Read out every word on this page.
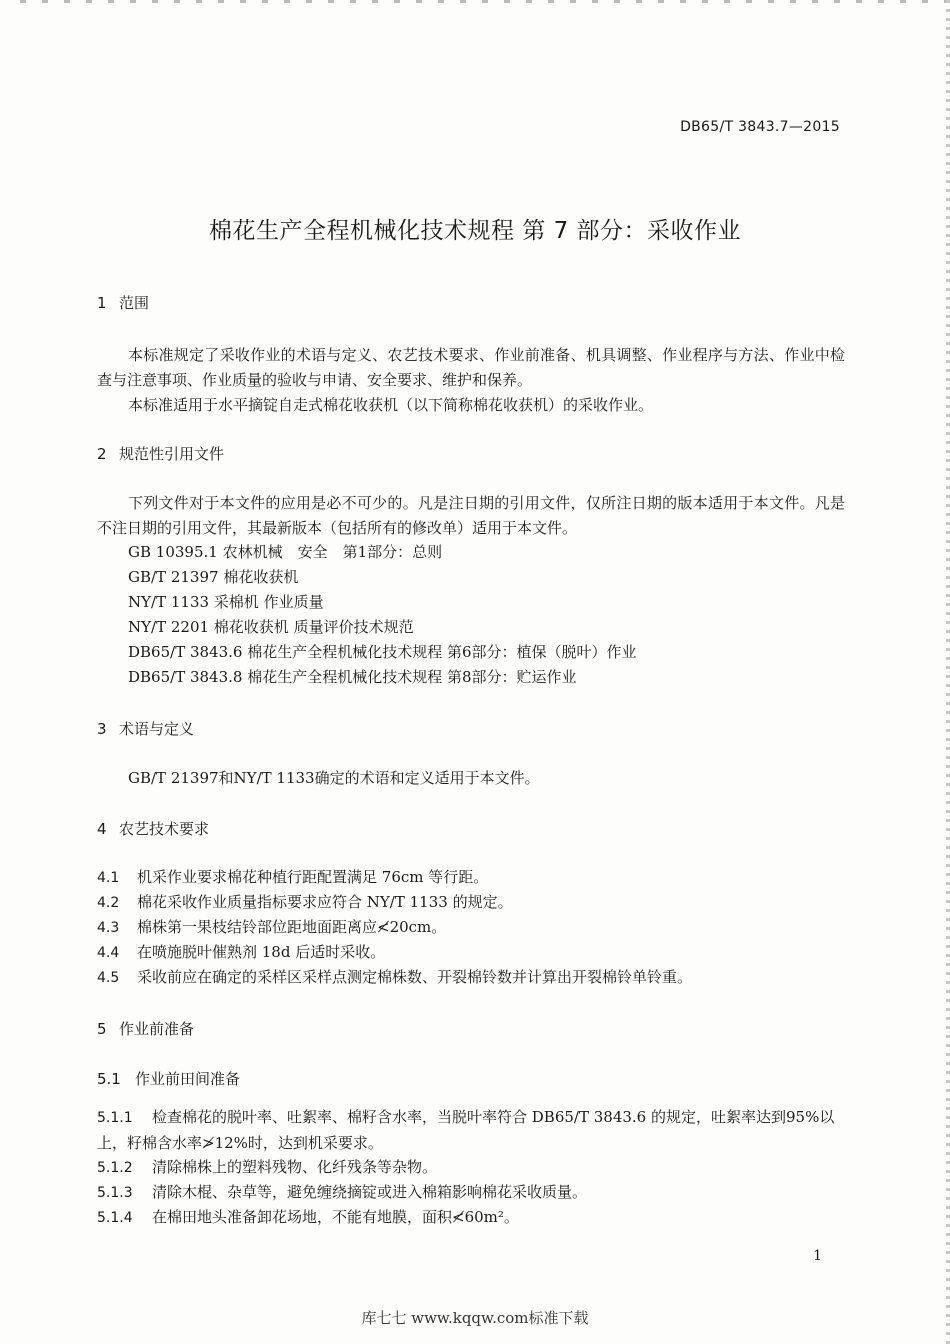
DB65/T 3843.7—2015
棉花生产全程机械化技术规程 第 7 部分：采收作业
1 范围
本标准规定了采收作业的术语与定义、农艺技术要求、作业前准备、机具调整、作业程序与方法、作业中检查与注意事项、作业质量的验收与申请、安全要求、维护和保养。
本标准适用于水平摘锭自走式棉花收获机（以下简称棉花收获机）的采收作业。
2 规范性引用文件
下列文件对于本文件的应用是必不可少的。凡是注日期的引用文件，仅所注日期的版本适用于本文件。凡是不注日期的引用文件，其最新版本（包括所有的修改单）适用于本文件。
GB 10395.1 农林机械　安全　第1部分：总则
GB/T 21397 棉花收获机
NY/T 1133 采棉机 作业质量
NY/T 2201 棉花收获机 质量评价技术规范
DB65/T 3843.6 棉花生产全程机械化技术规程 第6部分：植保（脱叶）作业
DB65/T 3843.8 棉花生产全程机械化技术规程 第8部分：贮运作业
3 术语与定义
GB/T 21397和NY/T 1133确定的术语和定义适用于本文件。
4 农艺技术要求
4.1 机采作业要求棉花种植行距配置满足 76cm 等行距。
4.2 棉花采收作业质量指标要求应符合 NY/T 1133 的规定。
4.3 棉株第一果枝结铃部位距地面距离应≮20cm。
4.4 在喷施脱叶催熟剂 18d 后适时采收。
4.5 采收前应在确定的采样区采样点测定棉株数、开裂棉铃数并计算出开裂棉铃单铃重。
5 作业前准备
5.1 作业前田间准备
5.1.1 检查棉花的脱叶率、吐絮率、棉籽含水率，当脱叶率符合 DB65/T 3843.6 的规定，吐絮率达到95%以上，籽棉含水率≯12%时，达到机采要求。
5.1.2 清除棉株上的塑料残物、化纤残条等杂物。
5.1.3 清除木棍、杂草等，避免缠绕摘锭或进入棉箱影响棉花采收质量。
5.1.4 在棉田地头准备卸花场地，不能有地膜，面积≮60m²。
1
库七七 www.kqqw.com标准下载
